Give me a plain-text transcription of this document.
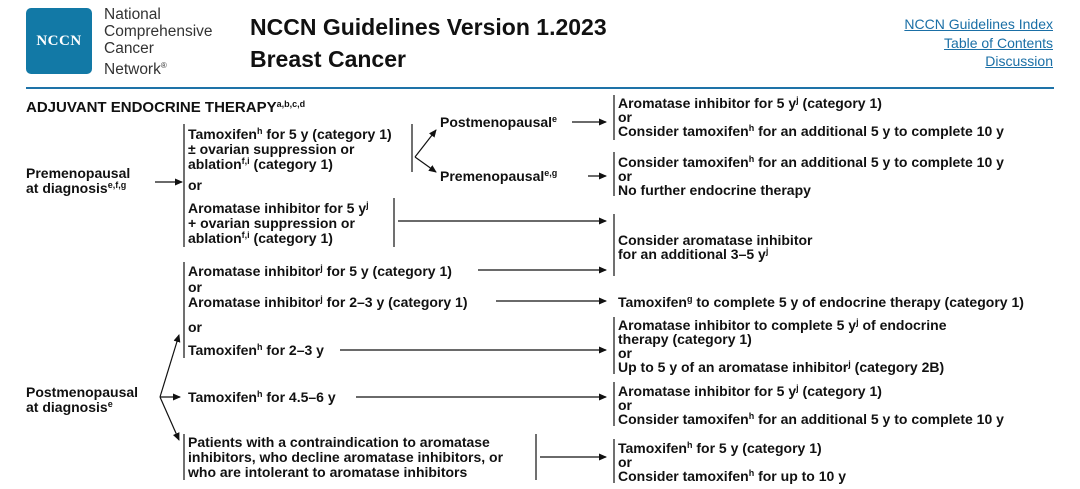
NCCN
National
Comprehensive
Cancer
Network®
NCCN Guidelines Version 1.2023
Breast Cancer
NCCN Guidelines Index
Table of Contents
Discussion
ADJUVANT ENDOCRINE THERAPY$^{a,b,c,d}$
Premenopausal
at diagnosis$^{e,f,g}$
Tamoxifen$^h$ for 5 y (category 1)
± ovarian suppression or
ablation$^{f,i}$ (category 1)
or
Aromatase inhibitor for 5 $y^j$
+ ovarian suppression or
ablation$^{f,i}$ (category 1)
Postmenopausal$^e$
Premenopausal$^{e,g}$
Aromatase inhibitor for 5 $y^j$ (category 1)
or
Consider tamoxifen$^h$ for an additional 5 y to complete 10 y
Consider tamoxifen$^h$ for an additional 5 y to complete 10 y
or
No further endocrine therapy
Consider aromatase inhibitor
for an additional 3–5 $y^j$
Postmenopausal
at diagnosis$^e$
Aromatase inhibitor$^j$ for 5 y (category 1)
or
Aromatase inhibitor$^j$ for 2–3 y (category 1)
or
Tamoxifen$^h$ for 2–3 y
Tamoxifen$^g$ to complete 5 y of endocrine therapy (category 1)
Aromatase inhibitor to complete 5 $y^j$ of endocrine
therapy (category 1)
or
Up to 5 y of an aromatase inhibitor$^j$ (category 2B)
Tamoxifen$^h$ for 4.5–6 y	Aromatase inhibitor for 5 $y^j$ (category 1)
or
Consider tamoxifen$^h$ for an additional 5 y to complete 10 y
Patients with a contraindication to aromatase
inhibitors, who decline aromatase inhibitors, or
who are intolerant to aromatase inhibitors
Tamoxifen$^h$ for 5 y (category 1)
or
Consider tamoxifen$^h$ for up to 10 y
